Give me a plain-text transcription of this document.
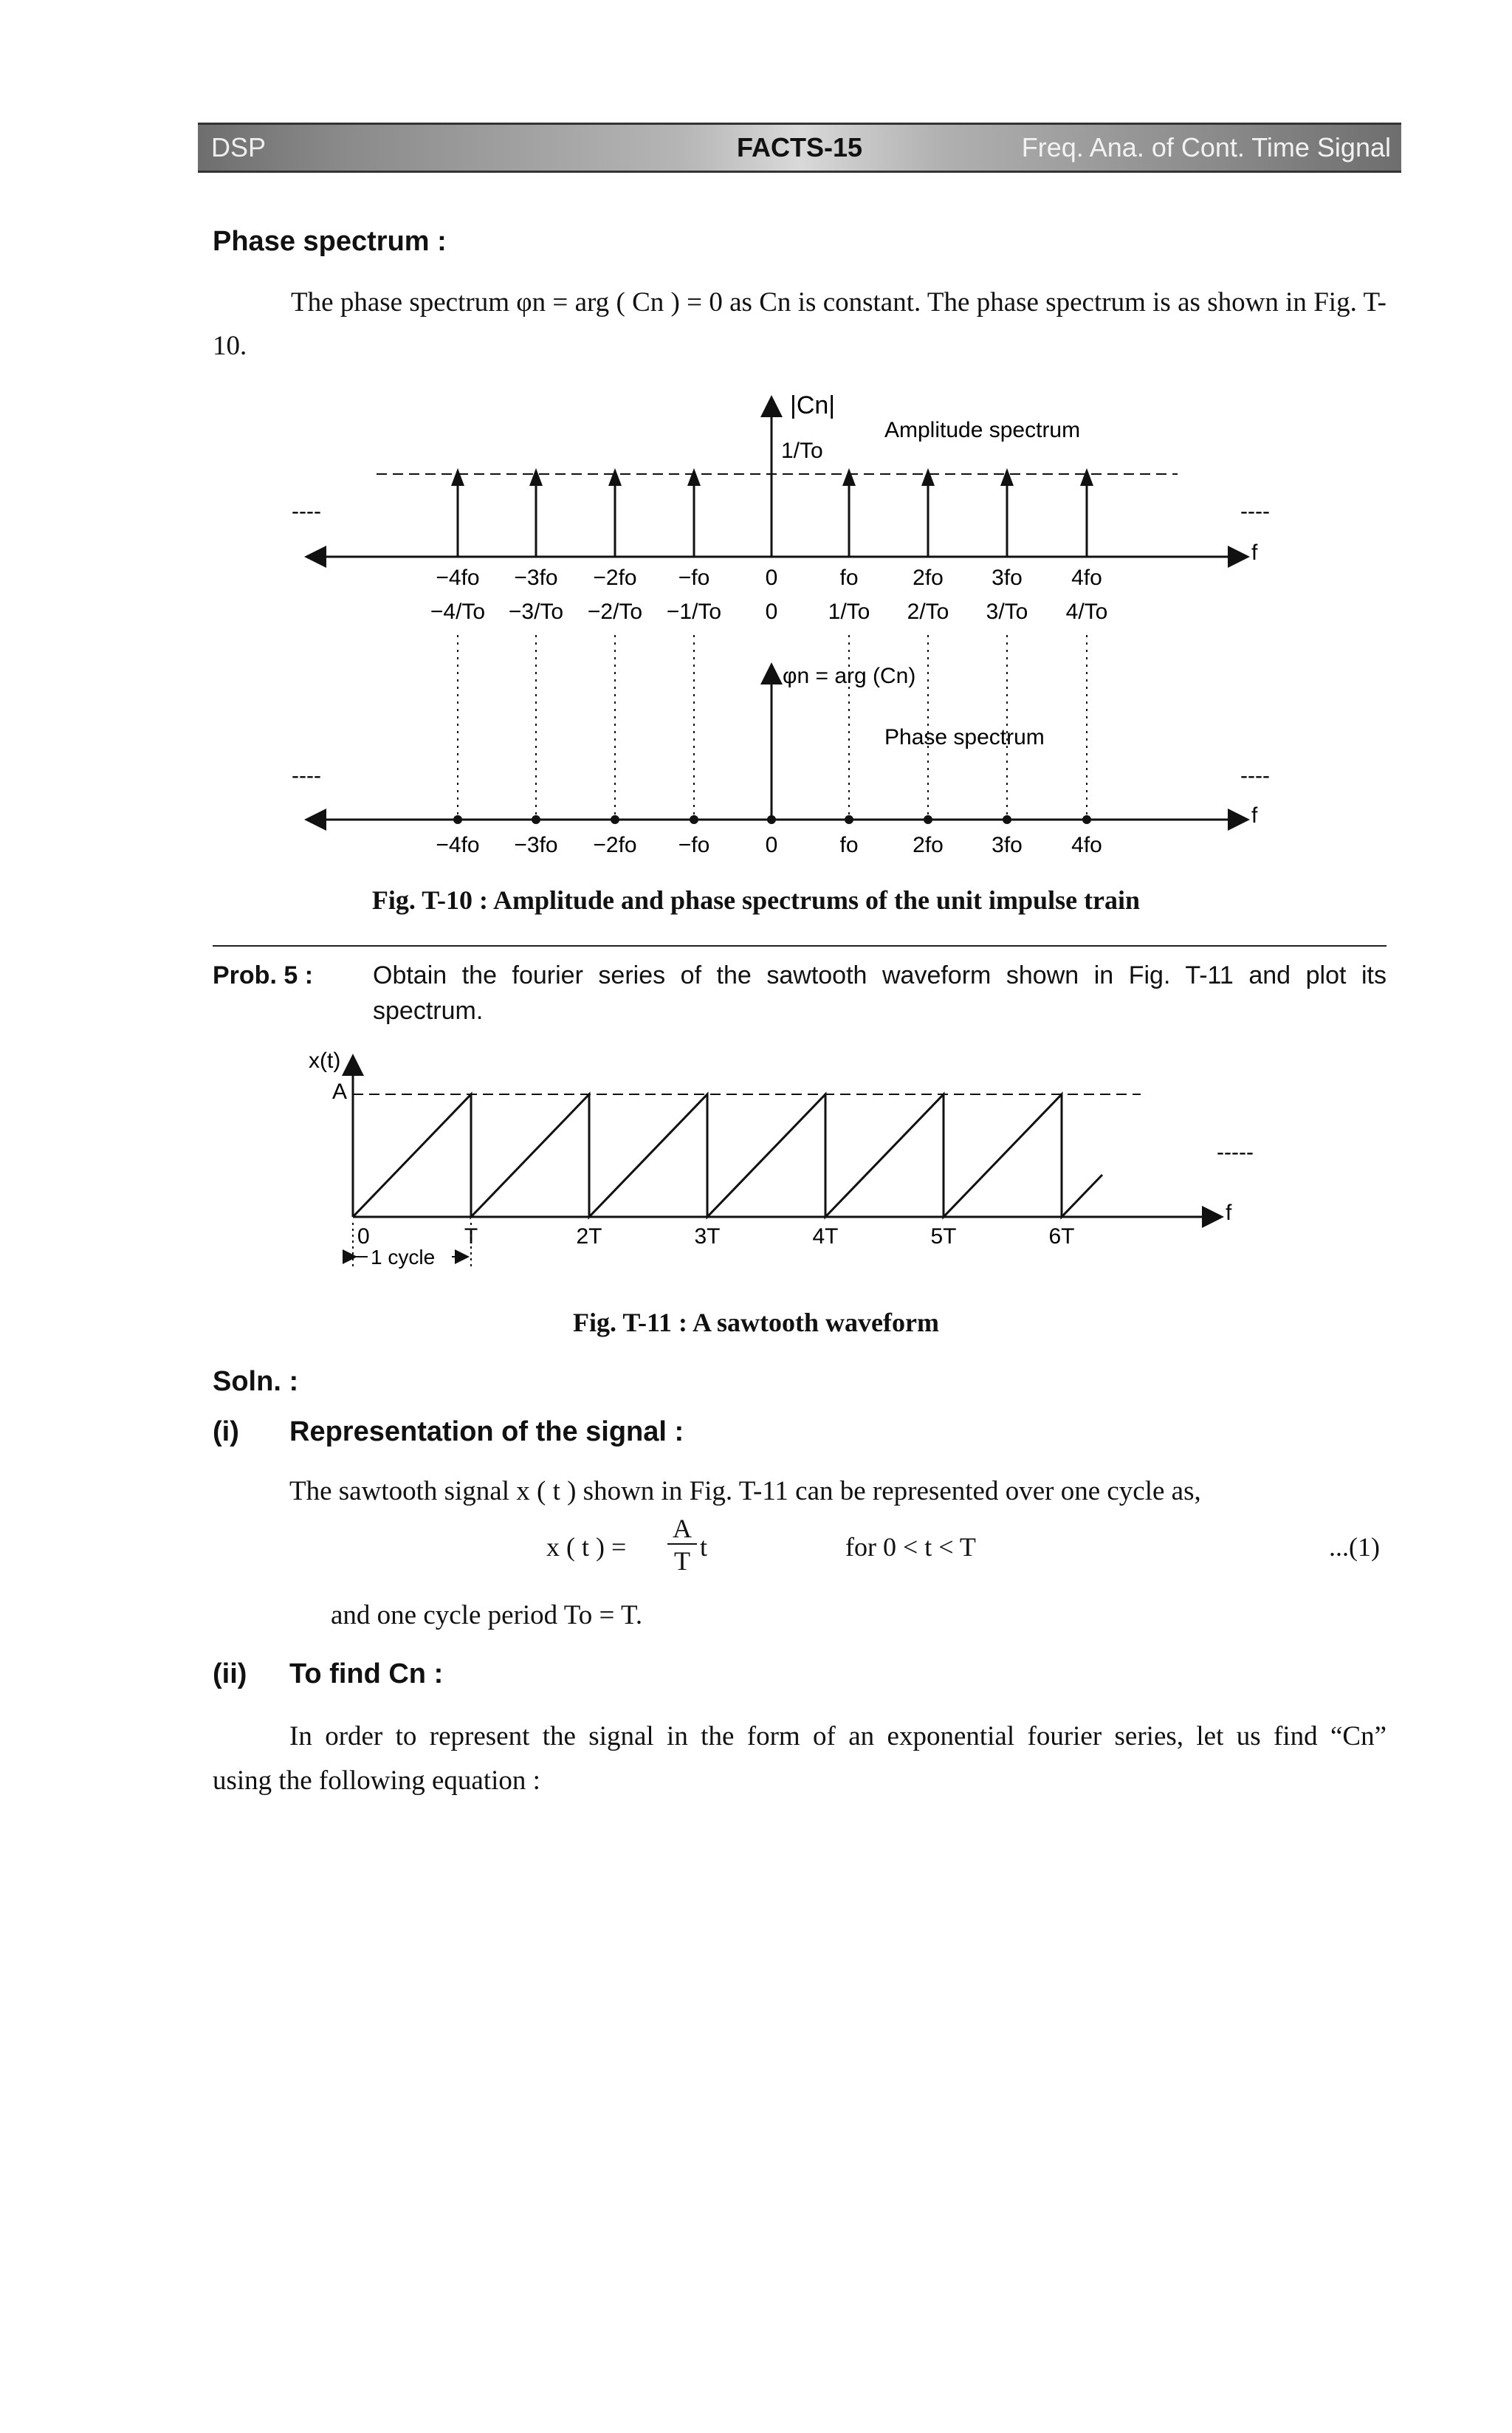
DSP	FACTS-15	Freq. Ana. of Cont. Time Signal
Phase spectrum :
The phase spectrum φn = arg ( Cn ) = 0 as Cn is constant. The phase spectrum is as shown in Fig. T-10.
|Cn|
1/To
Amplitude spectrum
----	----
f
−4fo −3fo −2fo −fo	0	fo 2fo 3fo 4fo
−4/To −3/To −2/To −1/To 0 1/To 2/To 3/To 4/To
φn = arg (Cn)
Phase spectrum
----	----
f
−4fo −3fo −2fo −fo	0	fo 2fo 3fo 4fo
Fig. T-10 : Amplitude and phase spectrums of the unit impulse train
Prob. 5 : Obtain the fourier series of the sawtooth waveform shown in Fig. T-11 and plot its
spectrum.
x(t)
A
0	T	2T	3T	4T	5T	6T
f
-----
1 cycle
Fig. T-11 : A sawtooth waveform
Soln. :
(i) Representation of the signal :
The sawtooth signal x ( t ) shown in Fig. T-11 can be represented over one cycle as,
x ( t ) =
A
T t	for 0 < t < T	...(1)
and one cycle period To = T.
(ii) To find Cn :
In order to represent the signal in the form of an exponential fourier series, let us find “Cn”
using the following equation :
